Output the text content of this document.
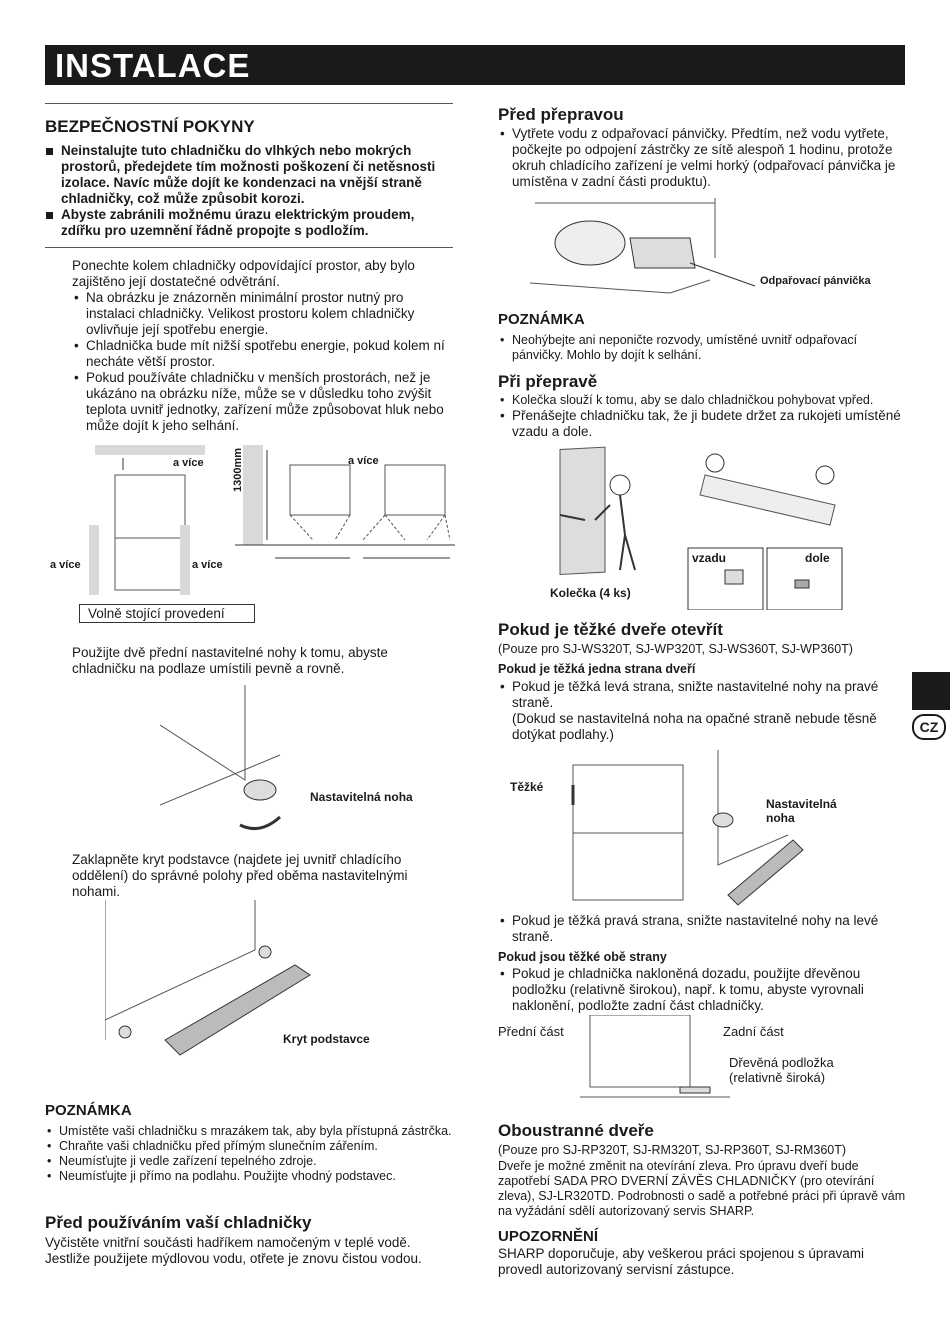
INSTALACE
CZ
BEZPEČNOSTNÍ POKYNY
Neinstalujte tuto chladničku do vlhkých nebo mokrých prostorů, předejdete tím možnosti poškození či netěsnosti izolace. Navíc může dojít ke kondenzaci na vnější straně chladničky, což může způsobit korozi.
Abyste zabránili možnému úrazu elektrickým proudem, zdířku pro uzemnění řádně propojte s podložím.
Ponechte kolem chladničky odpovídající prostor, aby bylo zajištěno její dostatečné odvětrání.
• Na obrázku je znázorněn minimální prostor nutný pro instalaci chladničky. Velikost prostoru kolem chladničky ovlivňuje její spotřebu energie.
• Chladnička bude mít nižší spotřebu energie, pokud kolem ní necháte větší prostor.
• Pokud používáte chladničku v menších prostorách, než je ukázáno na obrázku níže, může se v důsledku toho zvýšit teplota uvnitř jednotky, zařízení může způsobovat hluk nebo může dojít k jeho selhání.
a více	a více
a více	a více
1300mm
Volně stojící provedení
Použijte dvě přední nastavitelné nohy k tomu, abyste chladničku na podlaze umístili pevně a rovně.
Nastavitelná noha
Zaklapněte kryt podstavce (najdete jej uvnitř chladícího oddělení) do správné polohy před oběma nastavitelnými nohami.
Kryt podstavce
POZNÁMKA
• Umístěte vaši chladničku s mrazákem tak, aby byla přístupná zástrčka.
• Chraňte vaši chladničku před přímým slunečním zářením.
• Neumísťujte ji vedle zařízení tepelného zdroje.
• Neumísťujte ji přímo na podlahu. Použijte vhodný podstavec.
Před používáním vaší chladničky
Vyčistěte vnitřní součásti hadříkem namočeným v teplé vodě. Jestliže použijete mýdlovou vodu, otřete je znovu čistou vodou.
Před přepravou
• Vytřete vodu z odpařovací pánvičky. Předtím, než vodu vytřete, počkejte po odpojení zástrčky ze sítě alespoň 1 hodinu, protože okruh chladícího zařízení je velmi horký (odpařovací pánvička je umístěna v zadní části produktu).
Odpařovací pánvička
POZNÁMKA
• Neohýbejte ani neponičte rozvody, umístěné uvnitř odpařovací pánvičky. Mohlo by dojít k selhání.
Při přepravě
• Kolečka slouží k tomu, aby se dalo chladničkou pohybovat vpřed.
• Přenášejte chladničku tak, že ji budete držet za rukojeti umístěné vzadu a dole.
Kolečka (4 ks)
vzadu	dole
Pokud je těžké dveře otevřít
(Pouze pro SJ-WS320T, SJ-WP320T, SJ-WS360T, SJ-WP360T)
Pokud je těžká jedna strana dveří
• Pokud je těžká levá strana, snižte nastavitelné nohy na pravé straně.
(Dokud se nastavitelná noha na opačné straně nebude těsně dotýkat podlahy.)
Těžké
Nastavitelná noha
• Pokud je těžká pravá strana, snižte nastavitelné nohy na levé straně.
Pokud jsou těžké obě strany
• Pokud je chladnička nakloněná dozadu, použijte dřevěnou podložku (relativně širokou), např. k tomu, abyste vyrovnali naklonění, podložte zadní část chladničky.
Přední část	Zadní část
Dřevěná podložka (relativně široká)
Oboustranné dveře
(Pouze pro SJ-RP320T, SJ-RM320T, SJ-RP360T, SJ-RM360T)
Dveře je možné změnit na otevírání zleva. Pro úpravu dveří bude zapotřebí SADA PRO DVERNÍ ZÁVĚS CHLADNIČKY (pro otevírání zleva), SJ-LR320TD. Podrobnosti o sadě a potřebné práci při úpravě vám na vyžádání sdělí autorizovaný servis SHARP.
UPOZORNĚNÍ
SHARP doporučuje, aby veškerou práci spojenou s úpravami provedl autorizovaný servisní zástupce.
